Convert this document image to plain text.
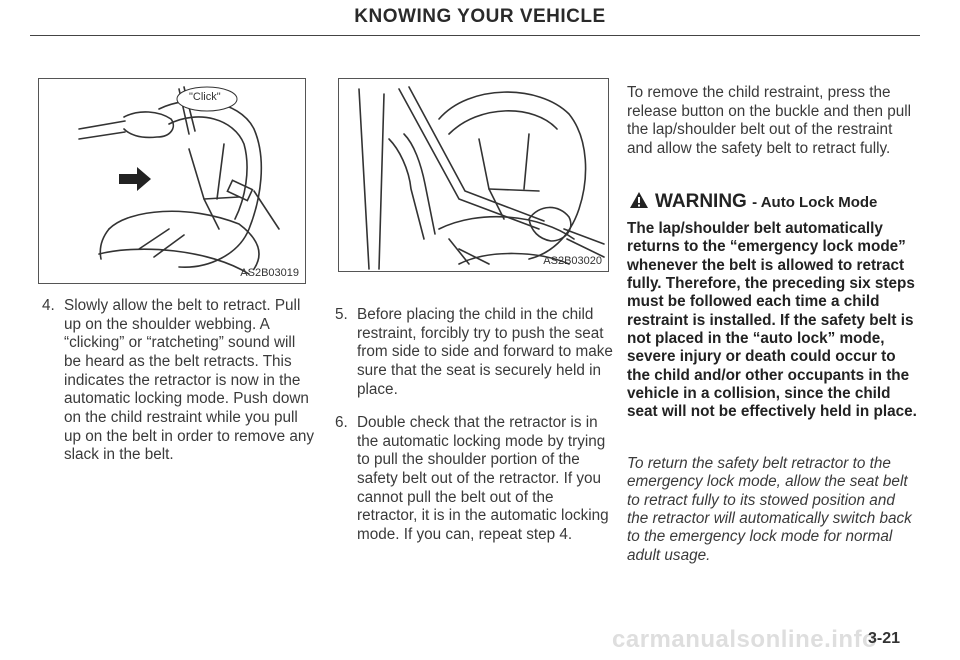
KNOWING YOUR VEHICLE
"Click"
AS2B03019
AS2B03020
4. Slowly allow the belt to retract. Pull up on the shoulder webbing. A “clicking” or “ratcheting” sound will be heard as the belt retracts. This indicates the retractor is now in the automatic locking mode. Push down on the child restraint while you pull up on the belt in order to remove any slack in the belt.
5. Before placing the child in the child restraint, forcibly try to push the seat from side to side and forward to make sure that the seat is securely held in place.
6. Double check that the retractor is in the automatic locking mode by trying to pull the shoulder portion of the safety belt out of the retractor. If you cannot pull the belt out of the retractor, it is in the automatic locking mode. If you can, repeat step 4.
To remove the child restraint, press the release button on the buckle and then pull the lap/shoulder belt out of the restraint and allow the safety belt to retract fully.
WARNING - Auto Lock Mode
The lap/shoulder belt automatically returns to the “emergency lock mode” whenever the belt is allowed to retract fully. Therefore, the preceding six steps must be followed each time a child restraint is installed. If the safety belt is not placed in the “auto lock” mode, severe injury or death could occur to the child and/or other occupants in the vehicle in a collision, since the child seat will not be effectively held in place.
To return the safety belt retractor to the emergency lock mode, allow the seat belt to retract fully to its stowed position and the retractor will automatically switch back to the emergency lock mode for normal adult usage.
carmanualsonline.info
3-21
